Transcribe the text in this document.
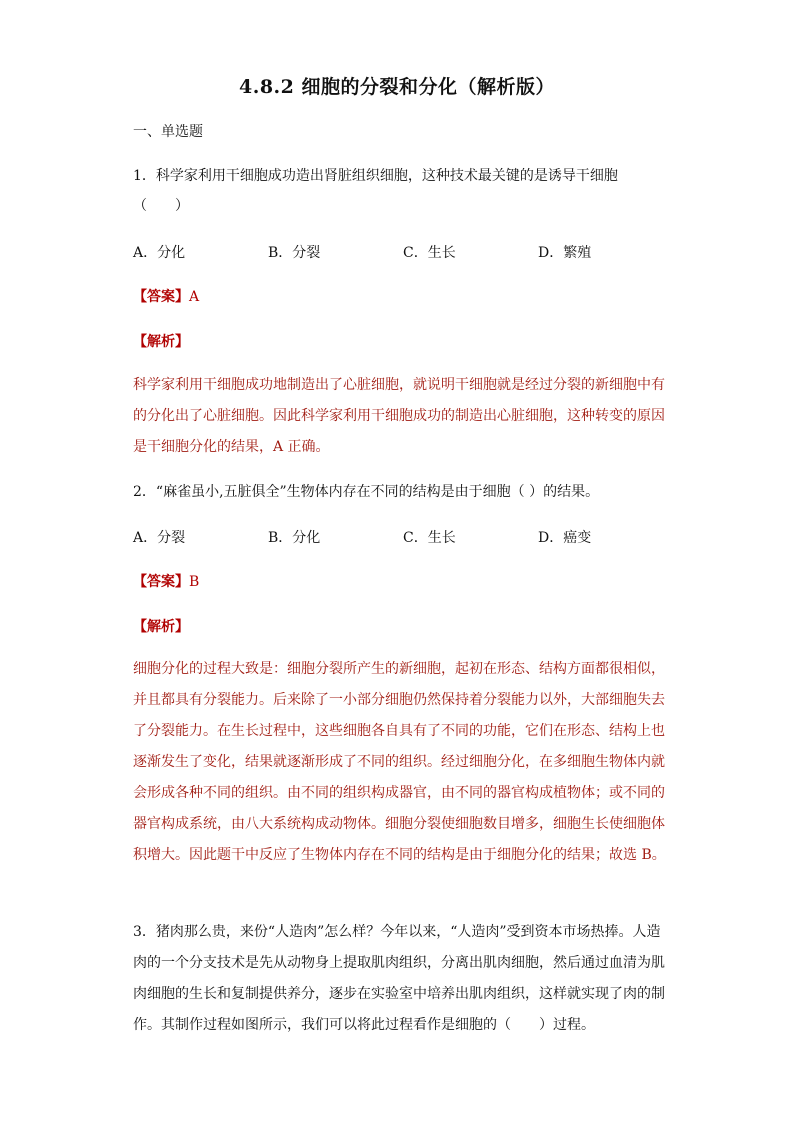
4.8.2 细胞的分裂和分化（解析版）
一、单选题
1．科学家利用干细胞成功造出肾脏组织细胞，这种技术最关键的是诱导干细胞
（　　）
A．分化	B．分裂	C．生长	D．繁殖
【答案】A
【解析】
科学家利用干细胞成功地制造出了心脏细胞，就说明干细胞就是经过分裂的新细胞中有
的分化出了心脏细胞。因此科学家利用干细胞成功的制造出心脏细胞，这种转变的原因
是干细胞分化的结果，A 正确。
2．“麻雀虽小,五脏俱全”生物体内存在不同的结构是由于细胞（ ）的结果。
A．分裂	B．分化	C．生长	D．癌变
【答案】B
【解析】
细胞分化的过程大致是：细胞分裂所产生的新细胞，起初在形态、结构方面都很相似，
并且都具有分裂能力。后来除了一小部分细胞仍然保持着分裂能力以外，大部细胞失去
了分裂能力。在生长过程中，这些细胞各自具有了不同的功能，它们在形态、结构上也
逐渐发生了变化，结果就逐渐形成了不同的组织。经过细胞分化，在多细胞生物体内就
会形成各种不同的组织。由不同的组织构成器官，由不同的器官构成植物体；或不同的
器官构成系统，由八大系统构成动物体。细胞分裂使细胞数目增多，细胞生长使细胞体
积增大。因此题干中反应了生物体内存在不同的结构是由于细胞分化的结果；故选 B。
3．猪肉那么贵，来份“人造肉”怎么样？今年以来，“人造肉”受到资本市场热捧。人造
肉的一个分支技术是先从动物身上提取肌肉组织，分离出肌肉细胞，然后通过血清为肌
肉细胞的生长和复制提供养分，逐步在实验室中培养出肌肉组织，这样就实现了肉的制
作。其制作过程如图所示，我们可以将此过程看作是细胞的（　　）过程。
